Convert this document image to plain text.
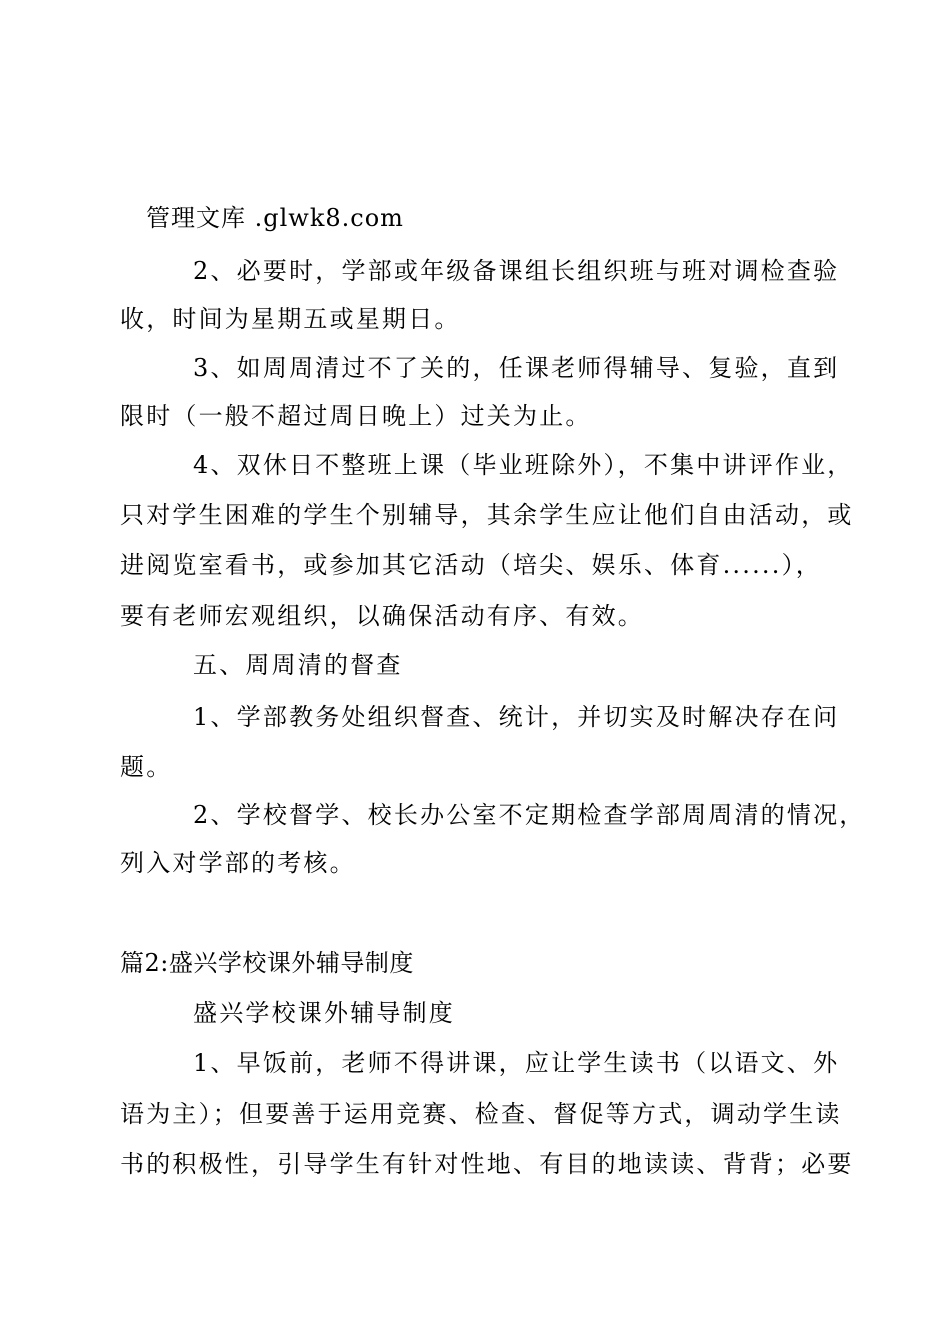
管理文库 .glwk8.com
2、必要时，学部或年级备课组长组织班与班对调检查验
收，时间为星期五或星期日。
3、如周周清过不了关的，任课老师得辅导、复验，直到
限时（一般不超过周日晚上）过关为止。
4、双休日不整班上课（毕业班除外），不集中讲评作业，
只对学生困难的学生个别辅导，其余学生应让他们自由活动，或
进阅览室看书，或参加其它活动（培尖、娱乐、体育......），
要有老师宏观组织，以确保活动有序、有效。
五、周周清的督查
1、学部教务处组织督查、统计，并切实及时解决存在问
题。
2、学校督学、校长办公室不定期检查学部周周清的情况，
列入对学部的考核。
篇2:盛兴学校课外辅导制度
盛兴学校课外辅导制度
1、早饭前，老师不得讲课，应让学生读书（以语文、外
语为主）；但要善于运用竞赛、检查、督促等方式，调动学生读
书的积极性，引导学生有针对性地、有目的地读读、背背；必要
